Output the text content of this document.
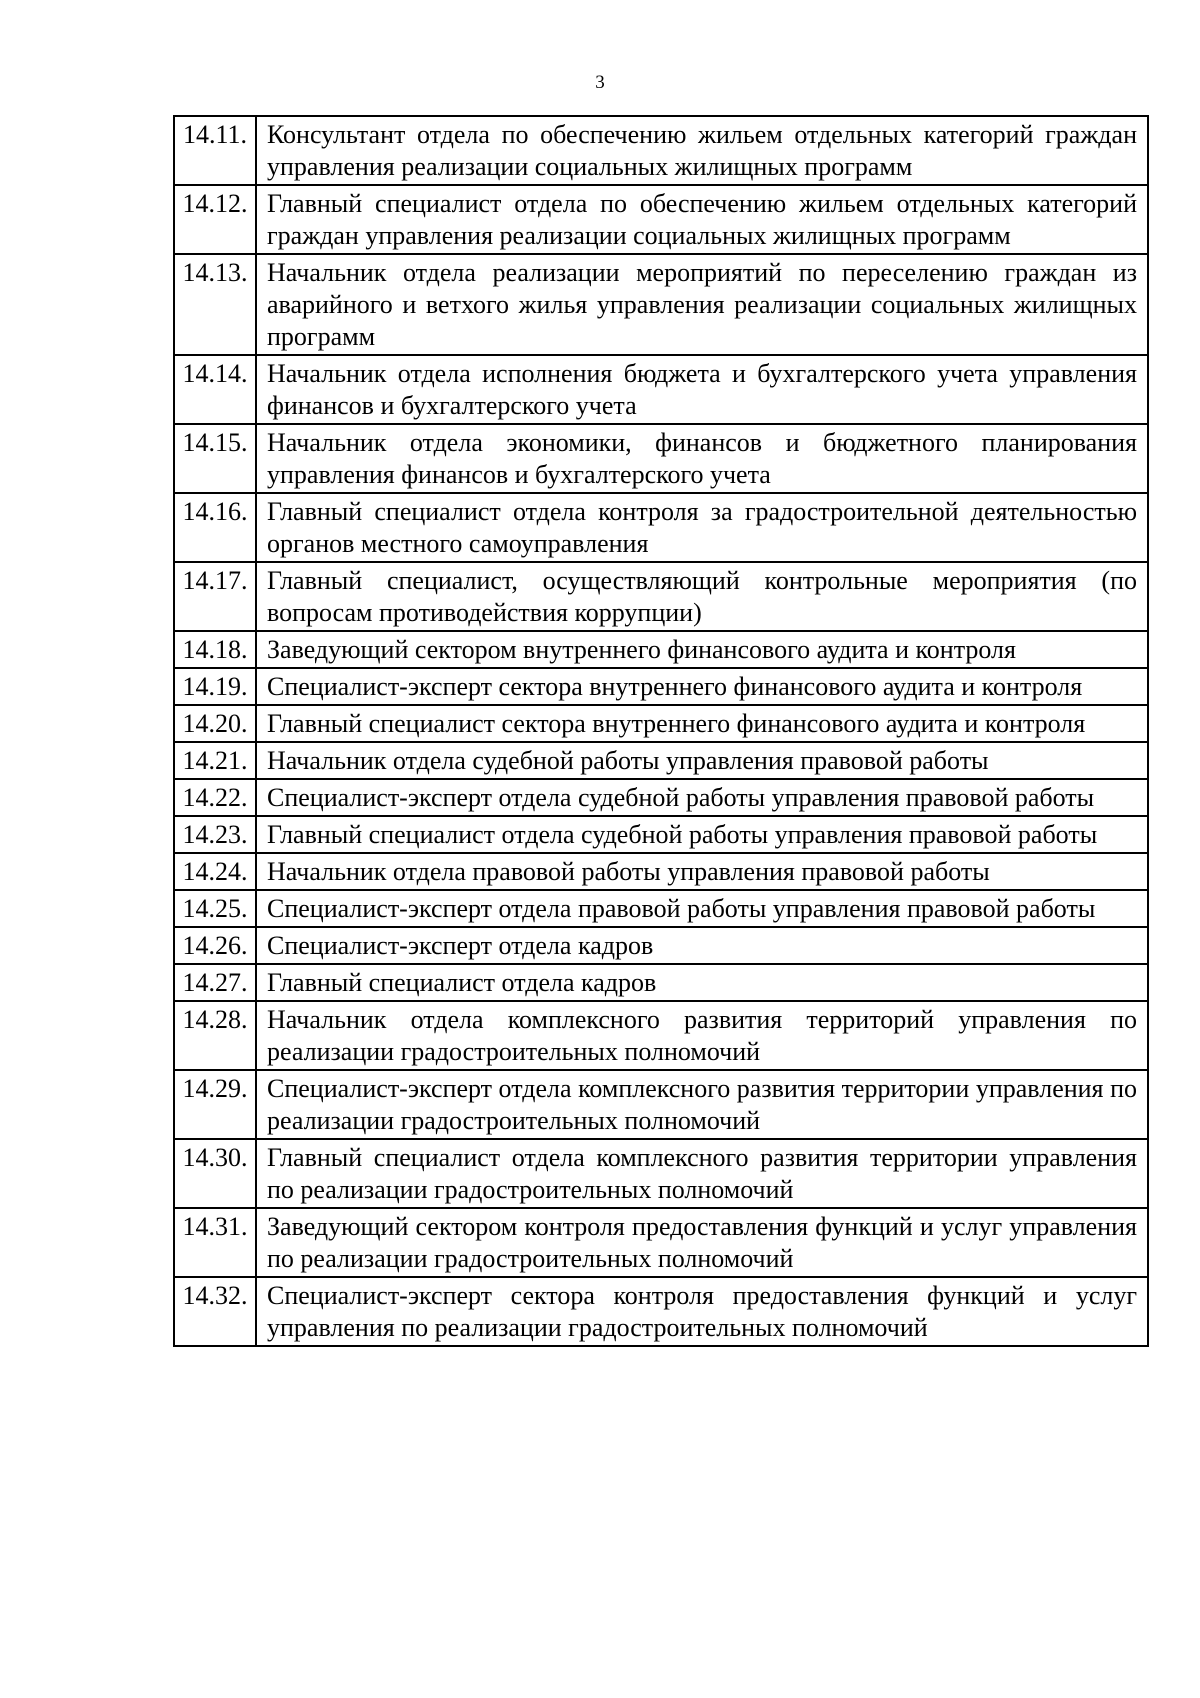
3
14.11.	Консультант отдела по обеспечению жильем отдельных категорий граждан управления реализации социальных жилищных программ
14.12.	Главный специалист отдела по обеспечению жильем отдельных категорий граждан управления реализации социальных жилищных программ
14.13.	Начальник отдела реализации мероприятий по переселению граждан из аварийного и ветхого жилья управления реализации социальных жилищных программ
14.14.	Начальник отдела исполнения бюджета и бухгалтерского учета управления финансов и бухгалтерского учета
14.15.	Начальник отдела экономики, финансов и бюджетного планирования управления финансов и бухгалтерского учета
14.16.	Главный специалист отдела контроля за градостроительной деятельностью органов местного самоуправления
14.17.	Главный специалист, осуществляющий контрольные мероприятия (по вопросам противодействия коррупции)
14.18.	Заведующий сектором внутреннего финансового аудита и контроля
14.19.	Специалист-эксперт сектора внутреннего финансового аудита и контроля
14.20.	Главный специалист сектора внутреннего финансового аудита и контроля
14.21.	Начальник отдела судебной работы управления правовой работы
14.22.	Специалист-эксперт отдела судебной работы управления правовой работы
14.23.	Главный специалист отдела судебной работы управления правовой работы
14.24.	Начальник отдела правовой работы управления правовой работы
14.25.	Специалист-эксперт отдела правовой работы управления правовой работы
14.26.	Специалист-эксперт отдела кадров
14.27.	Главный специалист отдела кадров
14.28.	Начальник отдела комплексного развития территорий управления по реализации градостроительных полномочий
14.29.	Специалист-эксперт отдела комплексного развития территории управления по реализации градостроительных полномочий
14.30.	Главный специалист отдела комплексного развития территории управления по реализации градостроительных полномочий
14.31.	Заведующий сектором контроля предоставления функций и услуг управления по реализации градостроительных полномочий
14.32.	Специалист-эксперт сектора контроля предоставления функций и услуг управления по реализации градостроительных полномочий
